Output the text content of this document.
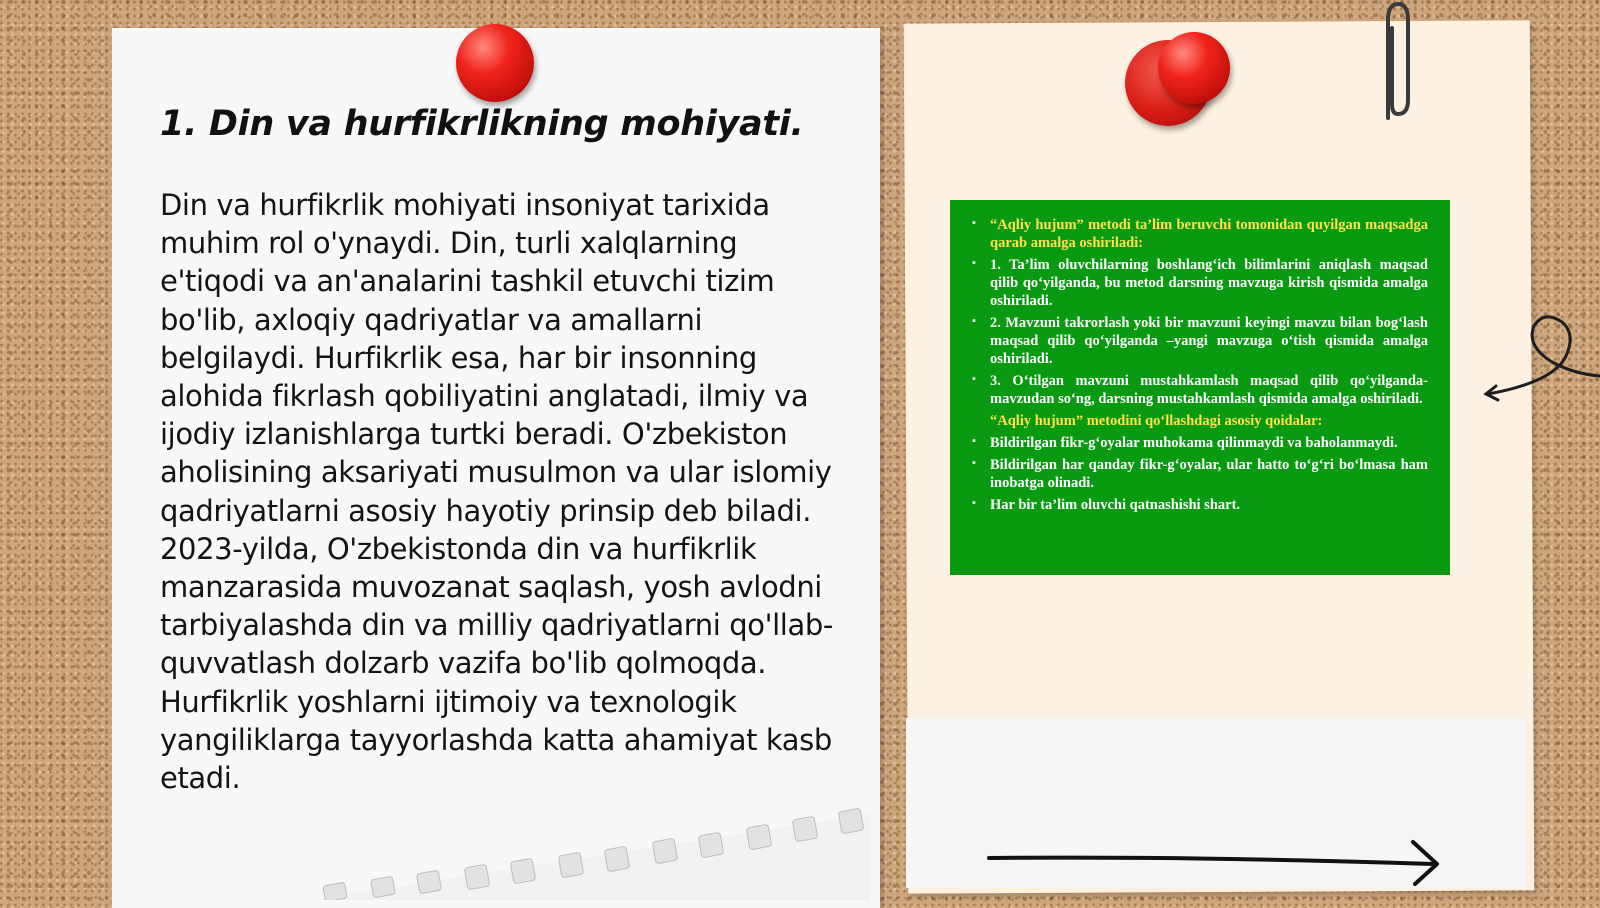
1. Din va hurfikrlikning mohiyati.

Din va hurfikrlik mohiyati insoniyat tarixida muhim rol o'ynaydi. Din, turli xalqlarning e'tiqodi va an'analarini tashkil etuvchi tizim bo'lib, axloqiy qadriyatlar va amallarni belgilaydi. Hurfikrlik esa, har bir insonning alohida fikrlash qobiliyatini anglatadi, ilmiy va ijodiy izlanishlarga turtki beradi. O'zbekiston aholisining aksariyati musulmon va ular islomiy qadriyatlarni asosiy hayotiy prinsip deb biladi. 2023-yilda, O'zbekistonda din va hurfikrlik manzarasida muvozanat saqlash, yosh avlodni tarbiyalashda din va milliy qadriyatlarni qo'llab-quvvatlash dolzarb vazifa bo'lib qolmoqda. Hurfikrlik yoshlarni ijtimoiy va texnologik yangiliklarga tayyorlashda katta ahamiyat kasb etadi.

▪ “Aqliy hujum” metodi ta’lim beruvchi tomonidan quyilgan maqsadga qarab amalga oshiriladi:
▪ 1. Ta’lim oluvchilarning boshlang‘ich bilimlarini aniqlash maqsad qilib qo‘yilganda, bu metod darsning mavzuga kirish qismida amalga oshiriladi.
▪ 2. Mavzuni takrorlash yoki bir mavzuni keyingi mavzu bilan bog‘lash maqsad qilib qo‘yilganda –yangi mavzuga o‘tish qismida amalga oshiriladi.
▪ 3. O‘tilgan mavzuni mustahkamlash maqsad qilib qo‘yilganda-mavzudan so‘ng, darsning mustahkamlash qismida amalga oshiriladi.
“Aqliy hujum” metodini qo‘llashdagi asosiy qoidalar:
▪ Bildirilgan fikr-g‘oyalar muhokama qilinmaydi va baholanmaydi.
▪ Bildirilgan har qanday fikr-g‘oyalar, ular hatto to‘g‘ri bo‘lmasa ham inobatga olinadi.
▪ Har bir ta’lim oluvchi qatnashishi shart.
